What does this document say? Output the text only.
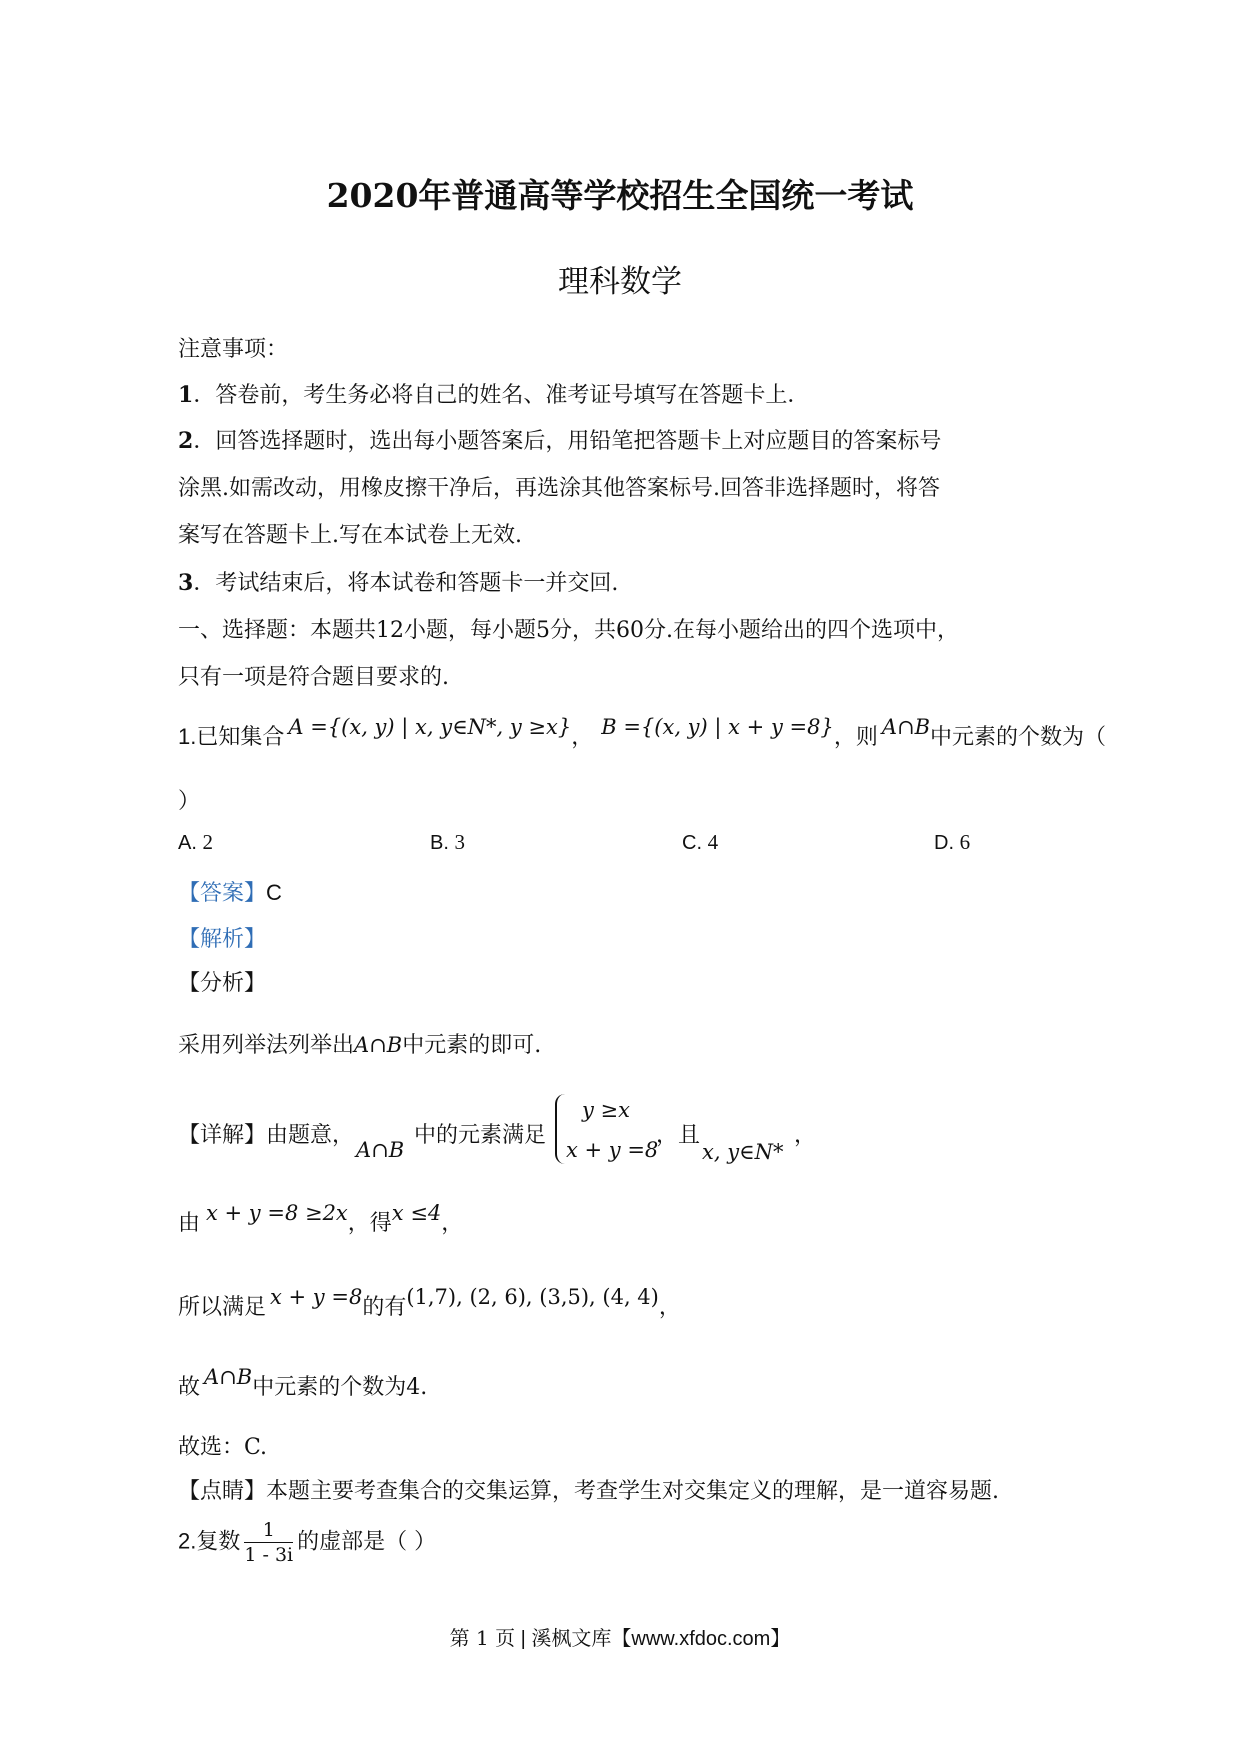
2020年普通高等学校招生全国统一考试
理科数学
注意事项：
1．答卷前，考生务必将自己的姓名、准考证号填写在答题卡上．
2．回答选择题时，选出每小题答案后，用铅笔把答题卡上对应题目的答案标号
涂黑.如需改动，用橡皮擦干净后，再选涂其他答案标号.回答非选择题时，将答
案写在答题卡上.写在本试卷上无效.
3．考试结束后，将本试卷和答题卡一并交回.
一、选择题：本题共12小题，每小题5分，共60分.在每小题给出的四个选项中，
只有一项是符合题目要求的.
1.已知集合 A ={(x, y) | x, y∈N*, y ≥x}， B ={(x, y) | x + y =8}，则 A∩B中元素的个数为（
）
A. 2	B. 3	C. 4	D. 6
【答案】C
【解析】
【分析】
采用列举法列举出A∩B中元素的即可.
【详解】由题意，
A∩B
中的元素满足
y ≥x
x + y =8
，且
x, y∈N*
，
由 x + y =8 ≥2x，得x ≤4，
所以满足 x + y =8的有(1,7), (2, 6), (3,5), (4, 4)，
故 A∩B中元素的个数为4.
故选：C.
【点睛】本题主要考查集合的交集运算，考查学生对交集定义的理解，是一道容易题.
2.复数 $\frac{1}{1 - 3i}$ 的虚部是（ ）
第 1 页 | 溪枫文库【www.xfdoc.com】
